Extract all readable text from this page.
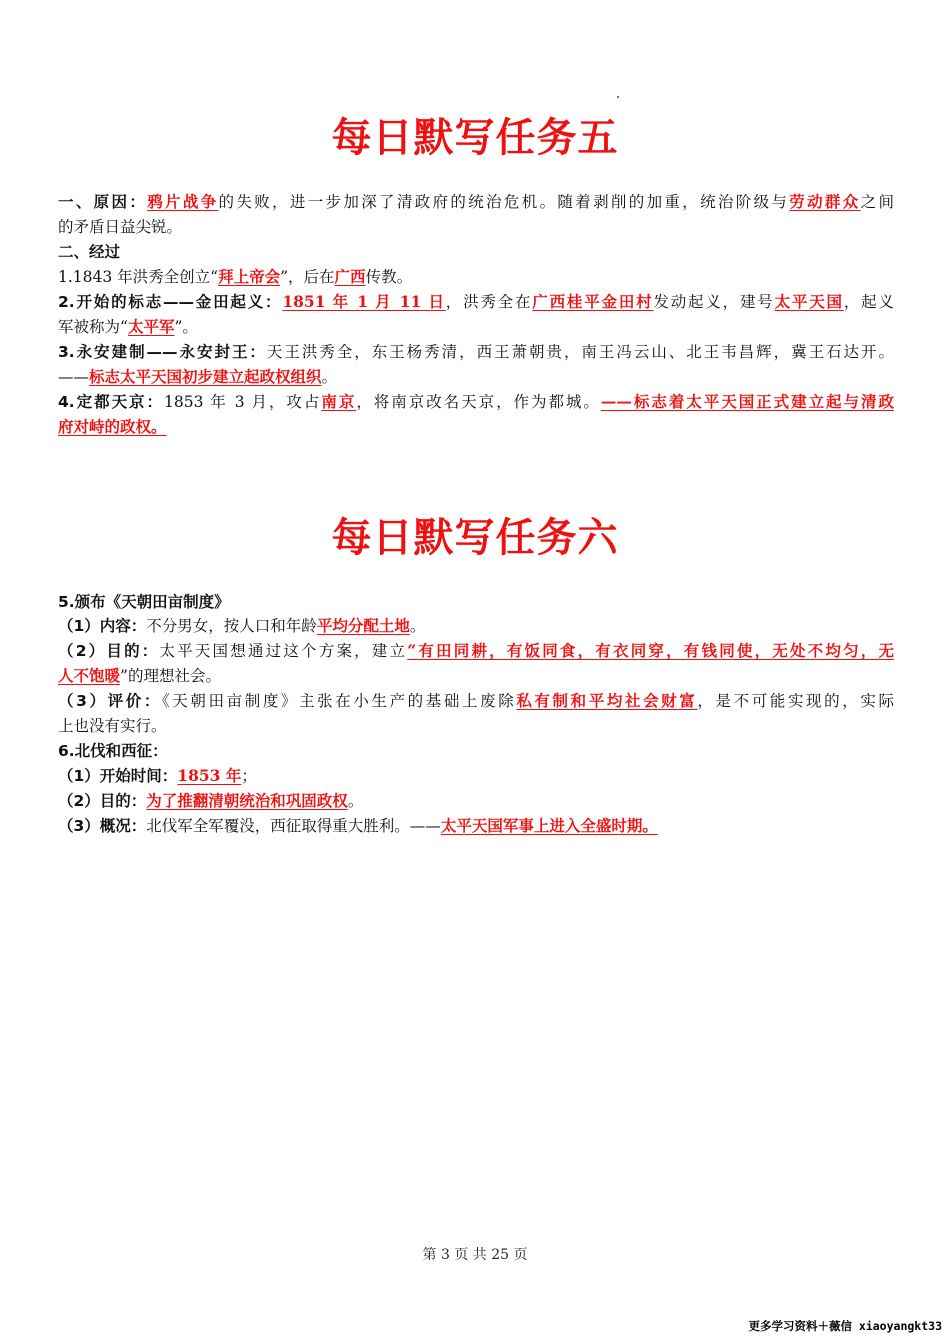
每日默写任务五
一、原因：鸦片战争的失败，进一步加深了清政府的统治危机。随着剥削的加重，统治阶级与劳动群众之间
的矛盾日益尖锐。
二、经过
1.1843 年洪秀全创立“拜上帝会”，后在广西传教。
2.开始的标志——金田起义：1851 年 1 月 11 日，洪秀全在广西桂平金田村发动起义，建号太平天国，起义
军被称为“太平军”。
3.永安建制——永安封王：天王洪秀全，东王杨秀清，西王萧朝贵，南王冯云山、北王韦昌辉，冀王石达开。
——标志太平天国初步建立起政权组织。
4.定都天京：1853 年 3 月，攻占南京，将南京改名天京，作为都城。——标志着太平天国正式建立起与清政
府对峙的政权。
每日默写任务六
5.颁布《天朝田亩制度》
（1）内容：不分男女，按人口和年龄平均分配土地。
（2）目的：太平天国想通过这个方案，建立“有田同耕，有饭同食，有衣同穿，有钱同使，无处不均匀，无
人不饱暖”的理想社会。
（3）评价：《天朝田亩制度》主张在小生产的基础上废除私有制和平均社会财富，是不可能实现的，实际
上也没有实行。
6.北伐和西征：
（1）开始时间：1853 年；
（2）目的：为了推翻清朝统治和巩固政权。
（3）概况：北伐军全军覆没，西征取得重大胜利。——太平天国军事上进入全盛时期。
第 3 页 共 25 页
更多学习资料＋薇信 xiaoyangkt33
